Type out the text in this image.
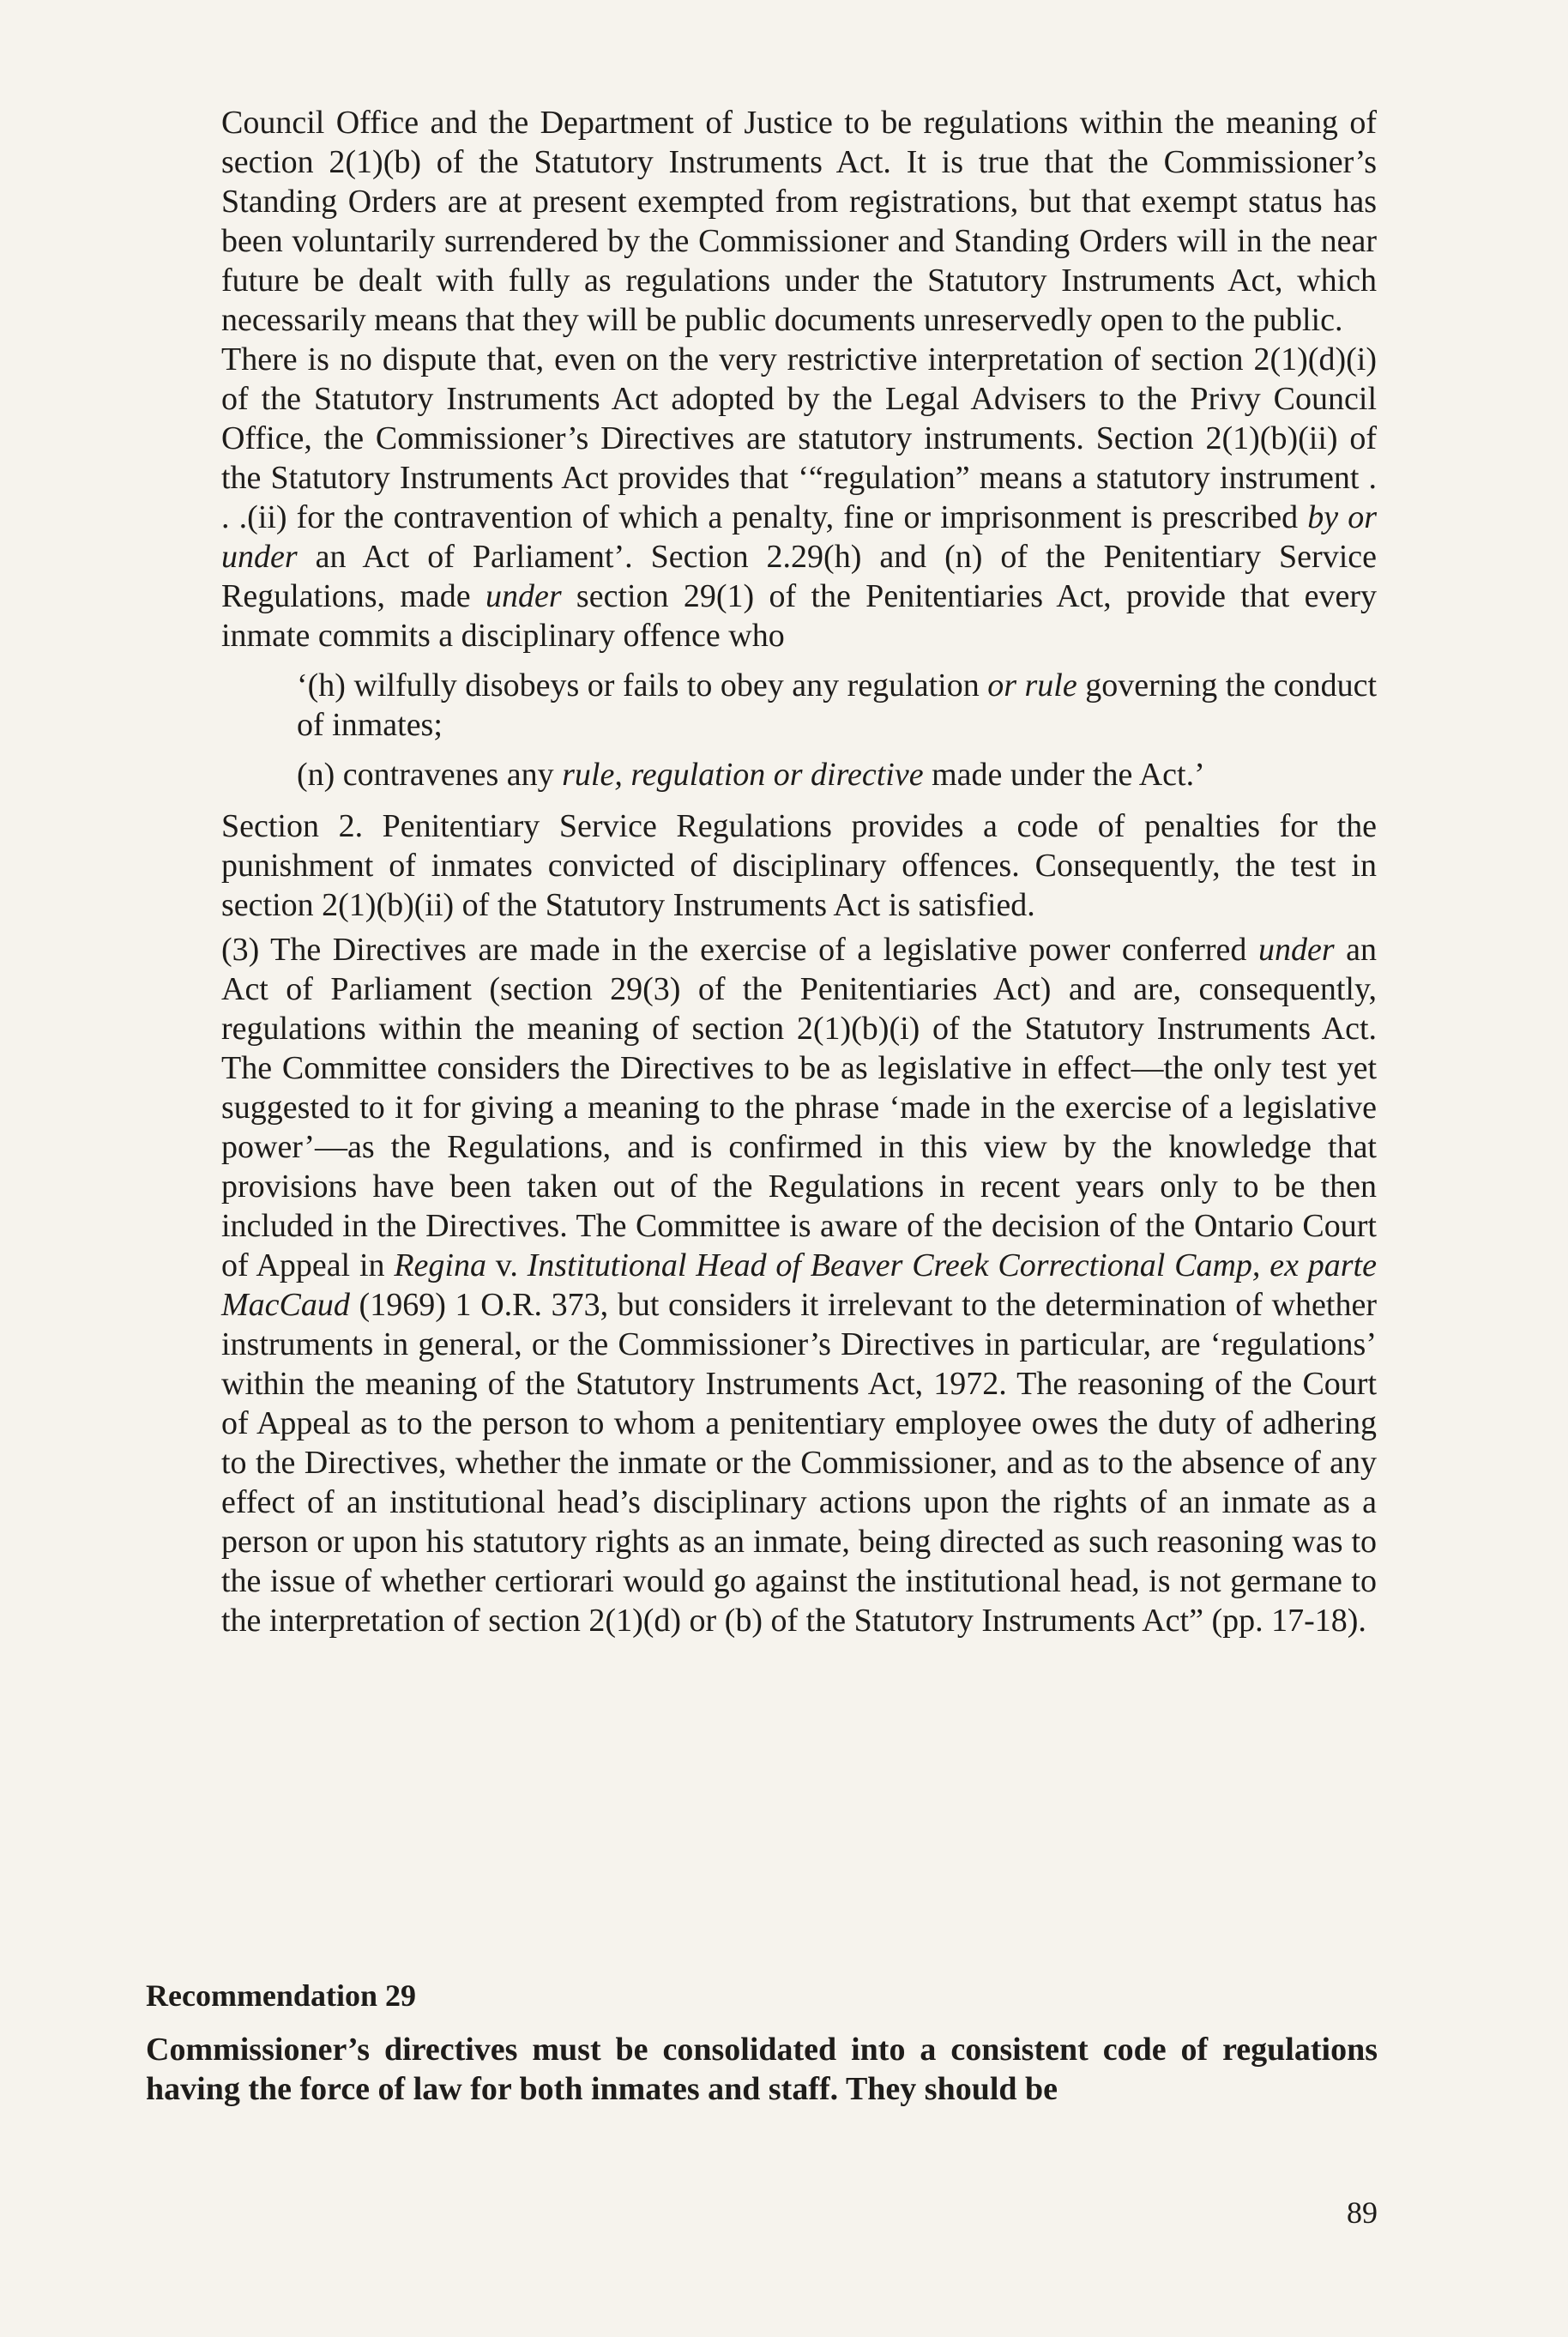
Council Office and the Department of Justice to be regulations within the meaning of section 2(1)(b) of the Statutory Instruments Act. It is true that the Commissioner’s Standing Orders are at present exempted from registrations, but that exempt status has been voluntarily surrendered by the Commissioner and Standing Orders will in the near future be dealt with fully as regulations under the Statutory Instruments Act, which necessarily means that they will be public documents unreservedly open to the public.

There is no dispute that, even on the very restrictive interpretation of section 2(1)(d)(i) of the Statutory Instruments Act adopted by the Legal Advisers to the Privy Council Office, the Commissioner’s Directives are statutory instruments. Section 2(1)(b)(ii) of the Statutory Instruments Act provides that ‘“regulation” means a statutory instrument . . .(ii) for the contravention of which a penalty, fine or imprisonment is prescribed by or under an Act of Parliament’. Section 2.29(h) and (n) of the Penitentiary Service Regulations, made under section 29(1) of the Penitentiaries Act, provide that every inmate commits a disciplinary offence who

‘(h) wilfully disobeys or fails to obey any regulation or rule governing the conduct of inmates;

(n) contravenes any rule, regulation or directive made under the Act.’

Section 2. Penitentiary Service Regulations provides a code of penalties for the punishment of inmates convicted of disciplinary offences. Consequently, the test in section 2(1)(b)(ii) of the Statutory Instruments Act is satisfied.

(3) The Directives are made in the exercise of a legislative power conferred under an Act of Parliament (section 29(3) of the Penitentiaries Act) and are, consequently, regulations within the meaning of section 2(1)(b)(i) of the Statutory Instruments Act. The Committee considers the Directives to be as legislative in effect—the only test yet suggested to it for giving a meaning to the phrase ‘made in the exercise of a legislative power’—as the Regulations, and is confirmed in this view by the knowledge that provisions have been taken out of the Regulations in recent years only to be then included in the Directives. The Committee is aware of the decision of the Ontario Court of Appeal in Regina v. Institutional Head of Beaver Creek Correctional Camp, ex parte MacCaud (1969) 1 O.R. 373, but considers it irrelevant to the determination of whether instruments in general, or the Commissioner’s Directives in particular, are ‘regulations’ within the meaning of the Statutory Instruments Act, 1972. The reasoning of the Court of Appeal as to the person to whom a penitentiary employee owes the duty of adhering to the Directives, whether the inmate or the Commissioner, and as to the absence of any effect of an institutional head’s disciplinary actions upon the rights of an inmate as a person or upon his statutory rights as an inmate, being directed as such reasoning was to the issue of whether certiorari would go against the institutional head, is not germane to the interpretation of section 2(1)(d) or (b) of the Statutory Instruments Act” (pp. 17-18).

Recommendation 29

Commissioner’s directives must be consolidated into a consistent code of regulations having the force of law for both inmates and staff. They should be

89
